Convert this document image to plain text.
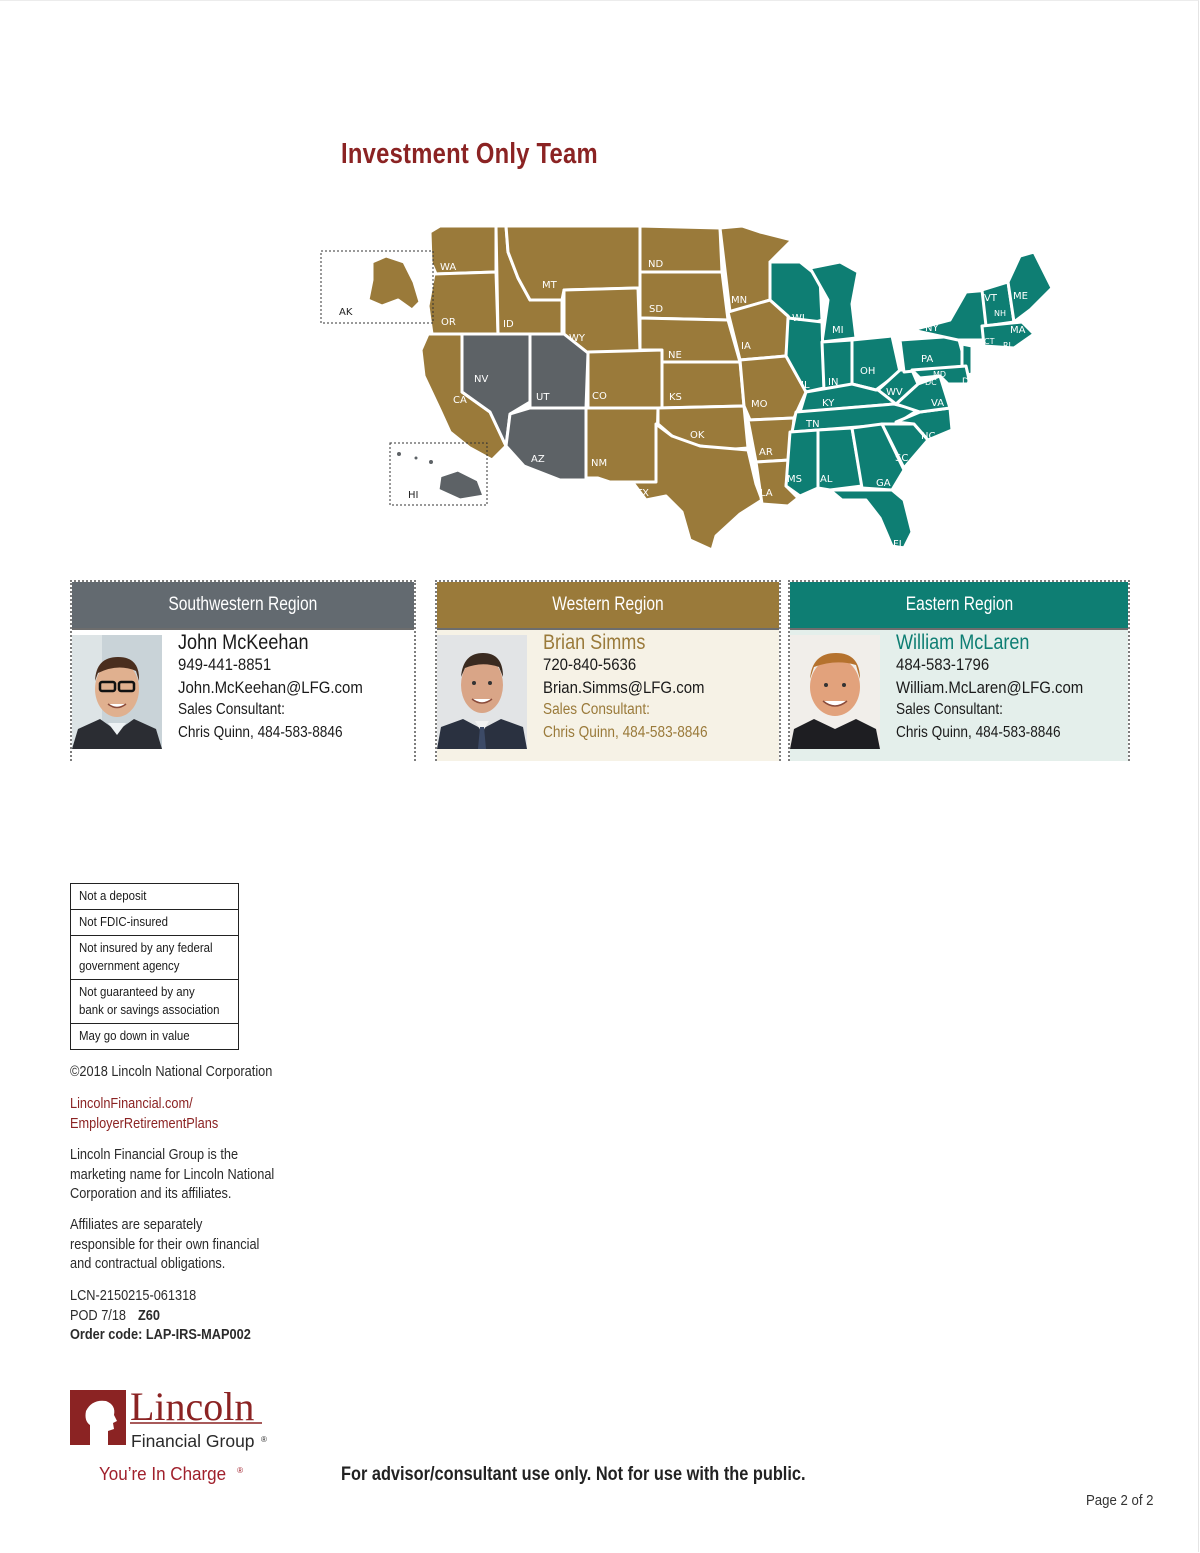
Investment Only Team
AK
HI
WA
OR
CA
ID
MT
WY
NV
UT
AZ
CO
NM
ND
SD
NE
KS
OK
TX
MN
IA
MO
AR
LA
WI
MI
IL IN
OH
KY
TN
MS AL	GA
FL
SC
NC
VA
WV
PA
NY
VT
NH
ME
MA
CT RI
NJ
DE
MD
DC
Southwestern Region
John McKeehan
949-441-8851
John.McKeehan@LFG.com
Sales Consultant:
Chris Quinn, 484-583-8846
Western Region
Brian Simms
720-840-5636
Brian.Simms@LFG.com
Sales Consultant:
Chris Quinn, 484-583-8846
Eastern Region
William McLaren
484-583-1796
William.McLaren@LFG.com
Sales Consultant:
Chris Quinn, 484-583-8846
Not a deposit
Not FDIC-insured
Not insured by any federal
government agency
Not guaranteed by any
bank or savings association
May go down in value
©2018 Lincoln National Corporation
LincolnFinancial.com/
EmployerRetirementPlans
Lincoln Financial Group is the
marketing name for Lincoln National
Corporation and its affiliates.
Affiliates are separately
responsible for their own financial
and contractual obligations.
LCN-2150215-061318
POD 7/18 Z60
Order code: LAP-IRS-MAP002
Lincoln
Financial Group ®
You’re In Charge ®	For advisor/consultant use only. Not for use with the public.
Page 2 of 2
